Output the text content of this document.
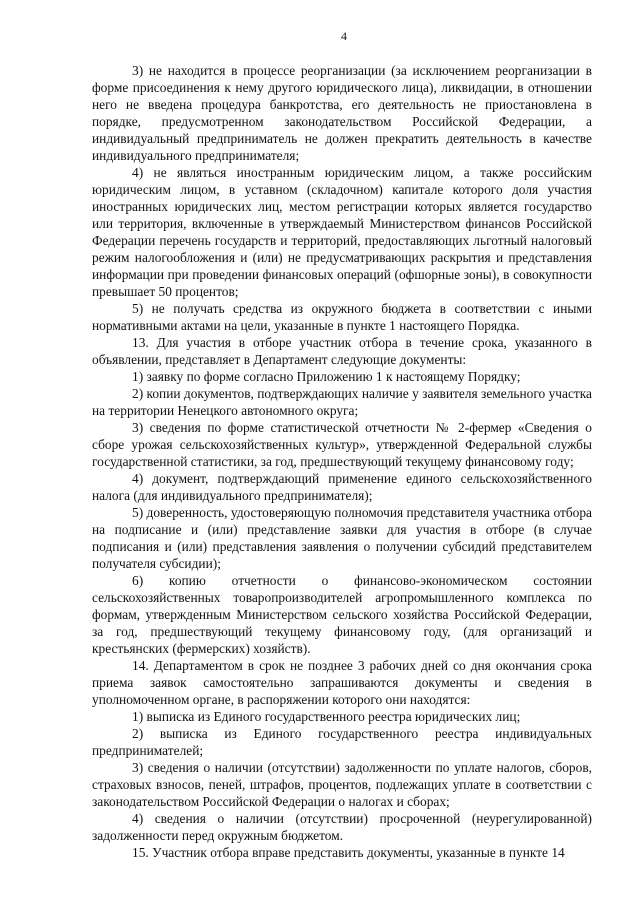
4

3) не находится в процессе реорганизации (за исключением реорганизации в форме присоединения к нему другого юридического лица), ликвидации, в отношении него не введена процедура банкротства, его деятельность не приостановлена в порядке, предусмотренном законодательством Российской Федерации, а индивидуальный предприниматель не должен прекратить деятельность в качестве индивидуального предпринимателя;

4) не являться иностранным юридическим лицом, а также российским юридическим лицом, в уставном (складочном) капитале которого доля участия иностранных юридических лиц, местом регистрации которых является государство или территория, включенные в утверждаемый Министерством финансов Российской Федерации перечень государств и территорий, предоставляющих льготный налоговый режим налогообложения и (или) не предусматривающих раскрытия и представления информации при проведении финансовых операций (офшорные зоны), в совокупности превышает 50 процентов;

5) не получать средства из окружного бюджета в соответствии с иными нормативными актами на цели, указанные в пункте 1 настоящего Порядка.

13. Для участия в отборе участник отбора в течение срока, указанного в объявлении, представляет в Департамент следующие документы:

1) заявку по форме согласно Приложению 1 к настоящему Порядку;

2) копии документов, подтверждающих наличие у заявителя земельного участка на территории Ненецкого автономного округа;

3) сведения по форме статистической отчетности № 2-фермер «Сведения о сборе урожая сельскохозяйственных культур», утвержденной Федеральной службы государственной статистики, за год, предшествующий текущему финансовому году;

4) документ, подтверждающий применение единого сельскохозяйственного налога (для индивидуального предпринимателя);

5) доверенность, удостоверяющую полномочия представителя участника отбора на подписание и (или) представление заявки для участия в отборе (в случае подписания и (или) представления заявления о получении субсидий представителем получателя субсидии);

6) копию отчетности о финансово-экономическом состоянии сельскохозяйственных товаропроизводителей агропромышленного комплекса по формам, утвержденным Министерством сельского хозяйства Российской Федерации, за год, предшествующий текущему финансовому году, (для организаций и крестьянских (фермерских) хозяйств).

14. Департаментом в срок не позднее 3 рабочих дней со дня окончания срока приема заявок самостоятельно запрашиваются документы и сведения в уполномоченном органе, в распоряжении которого они находятся:

1) выписка из Единого государственного реестра юридических лиц;

2) выписка из Единого государственного реестра индивидуальных предпринимателей;

3) сведения о наличии (отсутствии) задолженности по уплате налогов, сборов, страховых взносов, пеней, штрафов, процентов, подлежащих уплате в соответствии с законодательством Российской Федерации о налогах и сборах;

4) сведения о наличии (отсутствии) просроченной (неурегулированной) задолженности перед окружным бюджетом.

15. Участник отбора вправе представить документы, указанные в пункте 14
